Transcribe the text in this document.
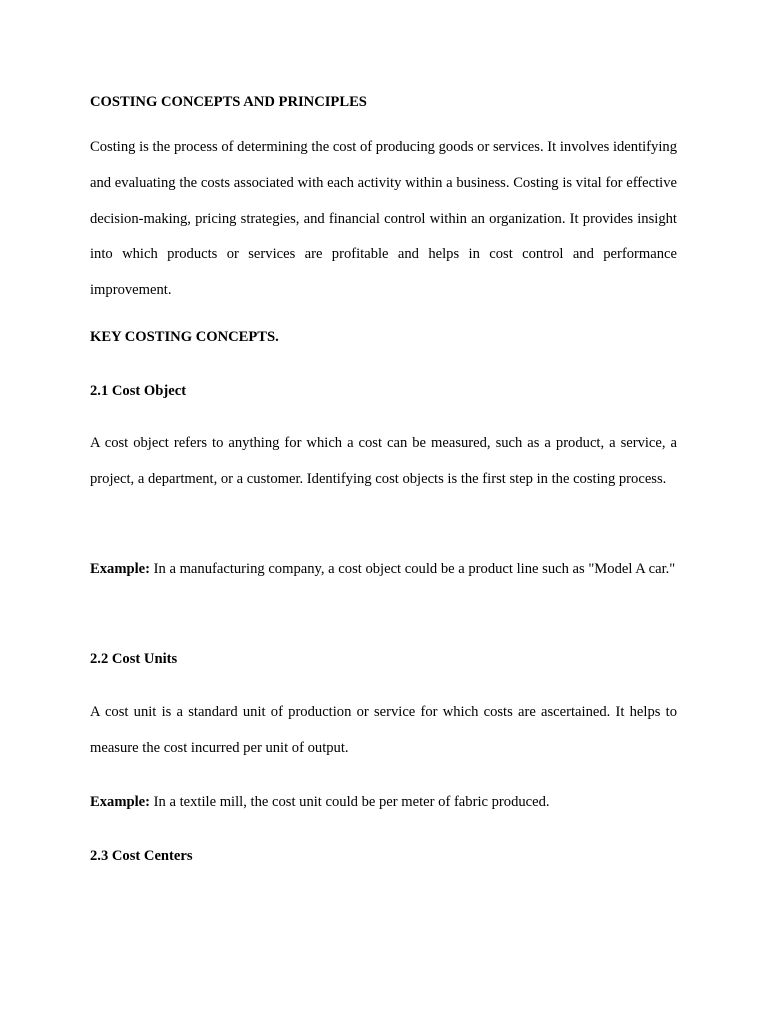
COSTING CONCEPTS AND PRINCIPLES

Costing is the process of determining the cost of producing goods or services. It involves identifying and evaluating the costs associated with each activity within a business. Costing is vital for effective decision-making, pricing strategies, and financial control within an organization. It provides insight into which products or services are profitable and helps in cost control and performance improvement.

KEY COSTING CONCEPTS.

2.1 Cost Object

A cost object refers to anything for which a cost can be measured, such as a product, a service, a project, a department, or a customer. Identifying cost objects is the first step in the costing process.

Example: In a manufacturing company, a cost object could be a product line such as "Model A car."

2.2 Cost Units

A cost unit is a standard unit of production or service for which costs are ascertained. It helps to measure the cost incurred per unit of output.

Example: In a textile mill, the cost unit could be per meter of fabric produced.

2.3 Cost Centers
